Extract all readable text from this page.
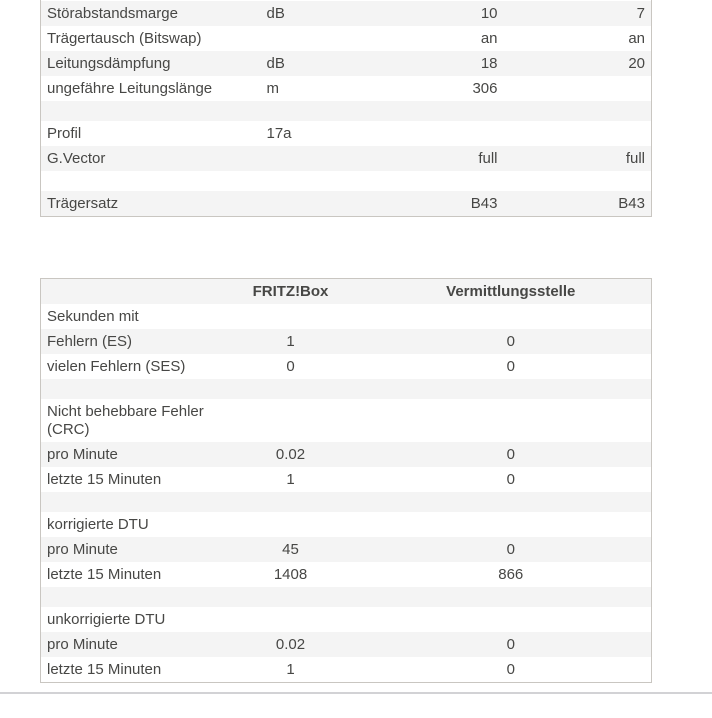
Störabstandsmarge	dB	10	7
Trägertausch (Bitswap)		an	an
Leitungsdämpfung	dB	18	20
ungefähre Leitungslänge	m	306	

Profil	17a		
G.Vector		full	full

Trägersatz		B43	B43
	FRITZ!Box	Vermittlungsstelle
Sekunden mit		
Fehlern (ES)	1	0
vielen Fehlern (SES)	0	0

Nicht behebbare Fehler (CRC)		
pro Minute	0.02	0
letzte 15 Minuten	1	0

korrigierte DTU		
pro Minute	45	0
letzte 15 Minuten	1408	866

unkorrigierte DTU		
pro Minute	0.02	0
letzte 15 Minuten	1	0
